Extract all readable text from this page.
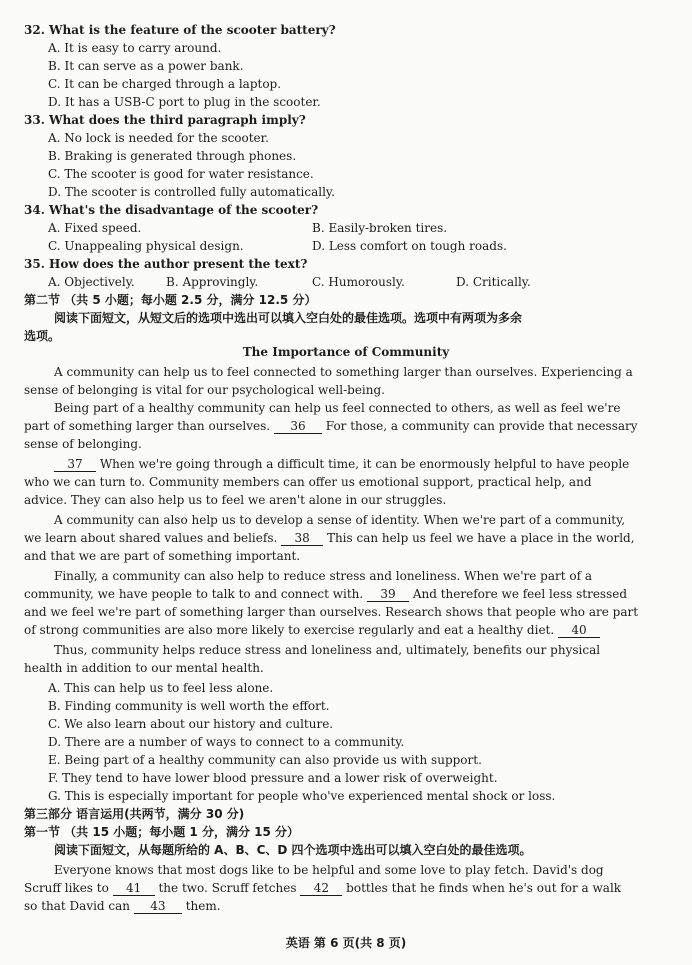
32. What is the feature of the scooter battery?
A. It is easy to carry around.
B. It can serve as a power bank.
C. It can be charged through a laptop.
D. It has a USB-C port to plug in the scooter.
33. What does the third paragraph imply?
A. No lock is needed for the scooter.
B. Braking is generated through phones.
C. The scooter is good for water resistance.
D. The scooter is controlled fully automatically.
34. What's the disadvantage of the scooter?
A. Fixed speed.	B. Easily-broken tires.
C. Unappealing physical design.	D. Less comfort on tough roads.
35. How does the author present the text?
A. Objectively.	B. Approvingly.	C. Humorously.	D. Critically.
第二节 （共 5 小题；每小题 2.5 分，满分 12.5 分）
阅读下面短文，从短文后的选项中选出可以填入空白处的最佳选项。选项中有两项为多余
选项。
The Importance of Community
A community can help us to feel connected to something larger than ourselves. Experiencing a
sense of belonging is vital for our psychological well-being.
Being part of a healthy community can help us feel connected to others, as well as feel we're
part of something larger than ourselves. 36 For those, a community can provide that necessary
sense of belonging.
37 When we're going through a difficult time, it can be enormously helpful to have people
who we can turn to. Community members can offer us emotional support, practical help, and
advice. They can also help us to feel we aren't alone in our struggles.
A community can also help us to develop a sense of identity. When we're part of a community,
we learn about shared values and beliefs. 38 This can help us feel we have a place in the world,
and that we are part of something important.
Finally, a community can also help to reduce stress and loneliness. When we're part of a
community, we have people to talk to and connect with. 39 And therefore we feel less stressed
and we feel we're part of something larger than ourselves. Research shows that people who are part
of strong communities are also more likely to exercise regularly and eat a healthy diet. 40
Thus, community helps reduce stress and loneliness and, ultimately, benefits our physical
health in addition to our mental health.
A. This can help us to feel less alone.
B. Finding community is well worth the effort.
C. We also learn about our history and culture.
D. There are a number of ways to connect to a community.
E. Being part of a healthy community can also provide us with support.
F. They tend to have lower blood pressure and a lower risk of overweight.
G. This is especially important for people who've experienced mental shock or loss.
第三部分 语言运用(共两节，满分 30 分)
第一节 （共 15 小题；每小题 1 分，满分 15 分）
阅读下面短文，从每题所给的 A、B、C、D 四个选项中选出可以填入空白处的最佳选项。
Everyone knows that most dogs like to be helpful and some love to play fetch. David's dog
Scruff likes to 41 the two. Scruff fetches 42 bottles that he finds when he's out for a walk
so that David can 43 them.
英语 第 6 页(共 8 页)
